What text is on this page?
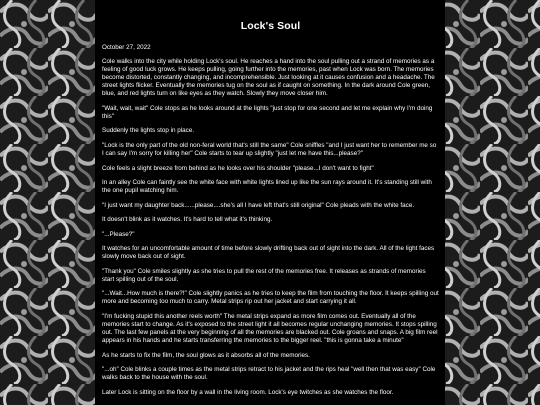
Lock's Soul
October 27, 2022

Cole walks into the city while holding Lock's soul. He reaches a hand into the soul pulling out a strand of memories as a feeling of good luck grows. He keeps pulling, going further into the memories, past when Lock was born. The memories become distorted, constantly changing, and incomprehensible. Just looking at it causes confusion and a headache. The street lights flicker. Eventually the memories tug on the soul as if caught on something. In the dark around Cole green, blue, and red lights turn on like eyes as they watch. Slowly they move closer him.

"Wait, wait, wait" Cole stops as he looks around at the lights "just stop for one second and let me explain why I'm doing this"

Suddenly the lights stop in place.

"Lock is the only part of the old non-feral world that's still the same" Cole sniffles "and I just want her to remember me so I can say I'm sorry for killing her" Cole starts to tear up slightly "just let me have this...please?"

Cole feels a slight breeze from behind as he looks over his shoulder "please...I don't want to fight"

In an alley Cole can faintly see the white face with white lights lined up like the sun rays around it. It's standing still with the one pupil watching him.

"I just want my daughter back......please....she's all I have left that's still original" Cole pleads with the white face.

It doesn't blink as it watches. It's hard to tell what it's thinking.

"...Please?"

It watches for an uncomfortable amount of time before slowly drifting back out of sight into the dark. All of the light faces slowly move back out of sight.

"Thank you" Cole smiles slightly as she tries to pull the rest of the memories free. It releases as strands of memories start spilling out of the soul.

"...Wait...How much is there?!" Cole slightly panics as he tries to keep the film from touching the floor. It keeps spilling out more and becoming too much to carry. Metal strips rip out her jacket and start carrying it all.

"I'm fucking stupid this another reels worth" The metal strips expand as more film comes out. Eventually all of the memories start to change. As it's exposed to the street light it all becomes regular unchanging memories. It stops spilling out. The last few panels at the very beginning of all the memories are blacked out. Cole groans and snaps. A big film reel appears in his hands and he starts transferring the memories to the bigger reel. "this is gonna take a minute"

As he starts to fix the film, the soul glows as it absorbs all of the memories.

"...oh" Cole blinks a couple times as the metal strips retract to his jacket and the rips heal "well then that was easy" Cole walks back to the house with the soul.

Later Lock is sitting on the floor by a wall in the living room. Lock's eye twitches as she watches the floor.
